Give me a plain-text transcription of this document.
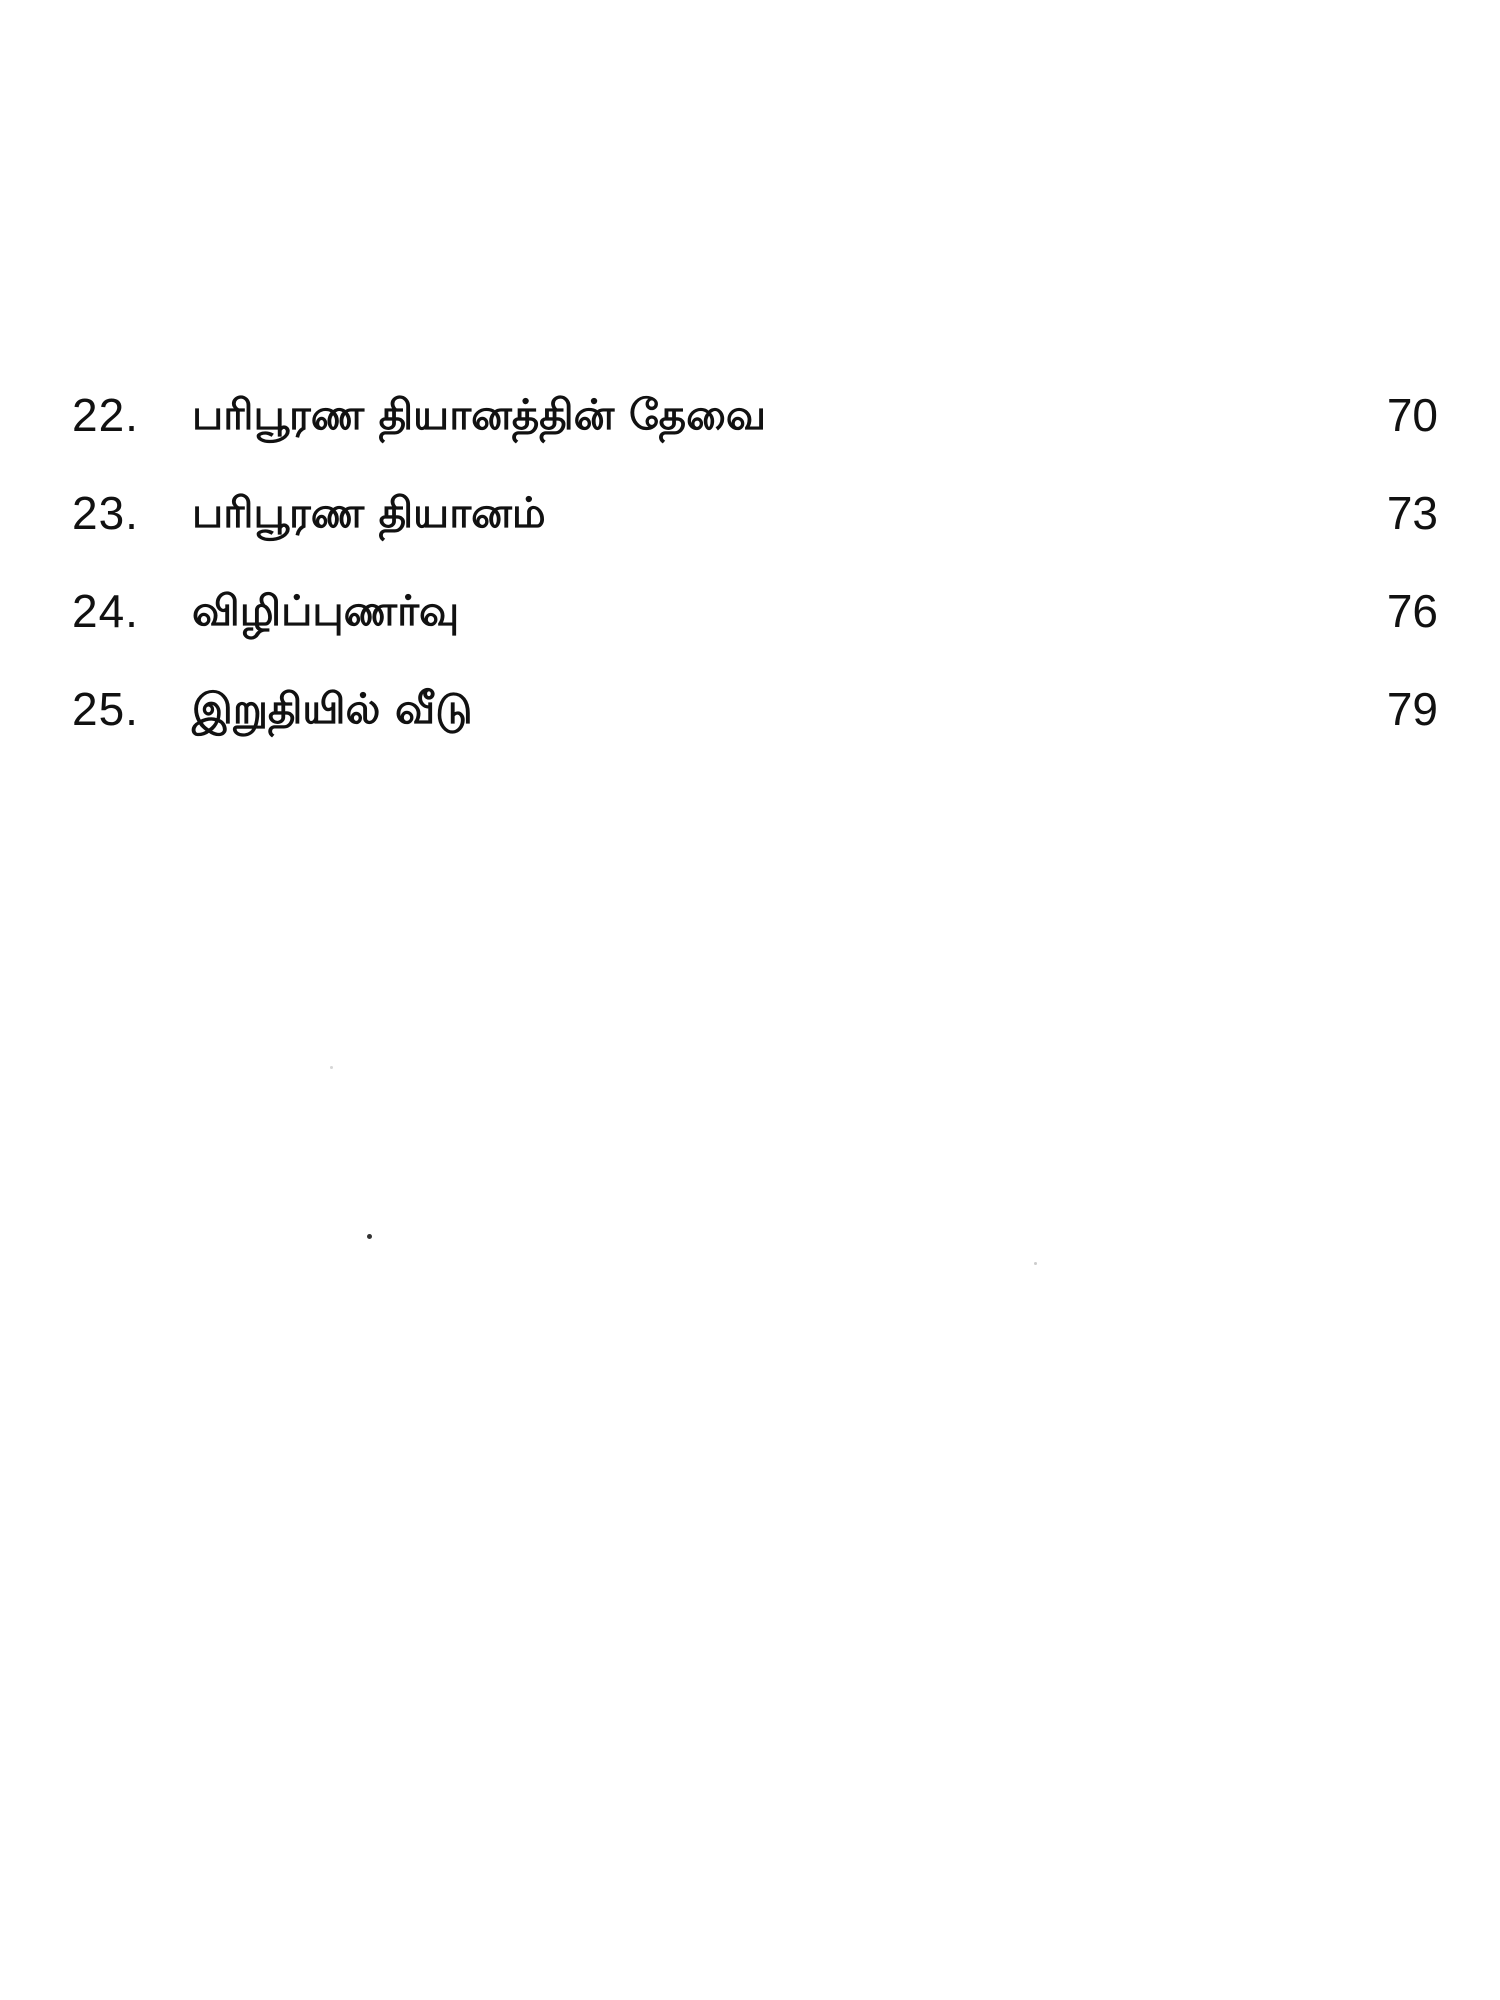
22. பரிபூரண தியானத்தின் தேவை	70
23. பரிபூரண தியானம்	73
24. விழிப்புணர்வு	76
25. இறுதியில் வீடு	79
